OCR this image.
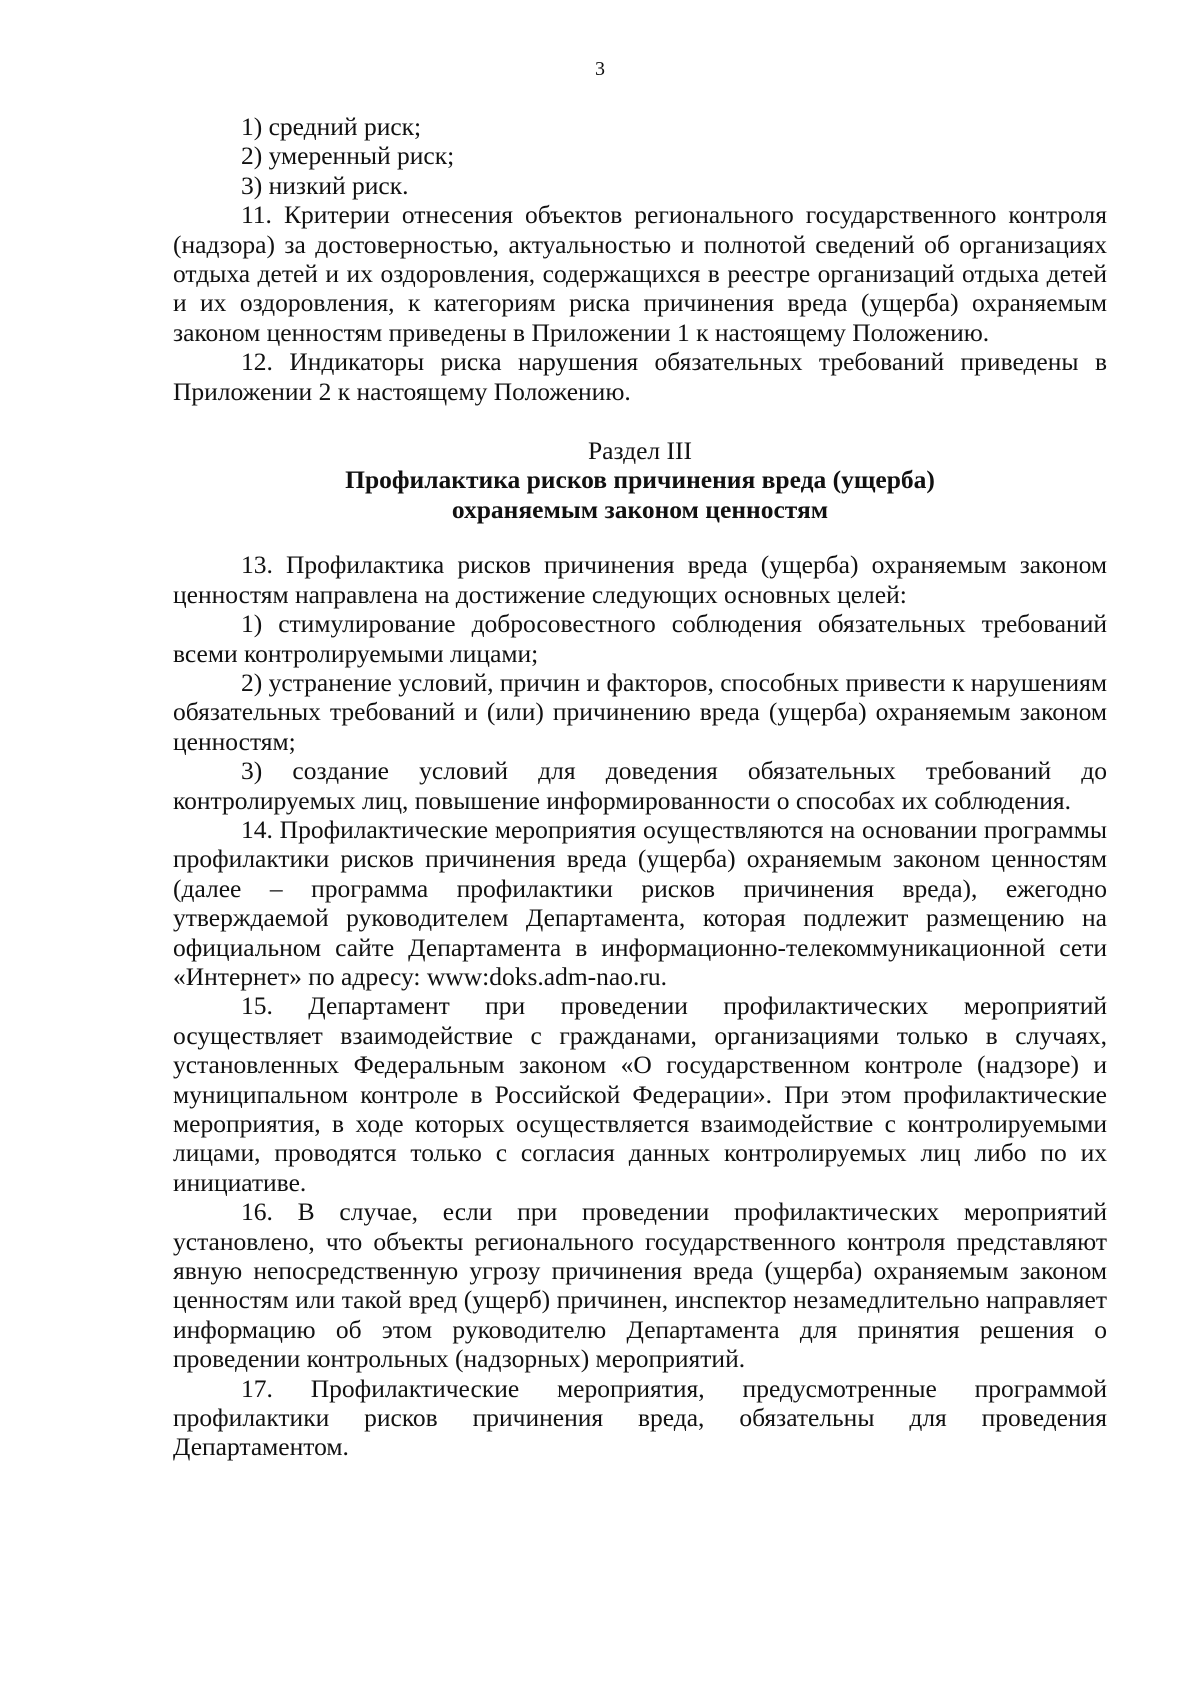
3

1) средний риск;

2) умеренный риск;

3) низкий риск.

11. Критерии отнесения объектов регионального государственного контроля (надзора) за достоверностью, актуальностью и полнотой сведений об организациях отдыха детей и их оздоровления, содержащихся в реестре организаций отдыха детей и их оздоровления, к категориям риска причинения вреда (ущерба) охраняемым законом ценностям приведены в Приложении 1 к настоящему Положению.

12. Индикаторы риска нарушения обязательных требований приведены в Приложении 2 к настоящему Положению.

Раздел III

Профилактика рисков причинения вреда (ущерба)

охраняемым законом ценностям

13. Профилактика рисков причинения вреда (ущерба) охраняемым законом ценностям направлена на достижение следующих основных целей:

1) стимулирование добросовестного соблюдения обязательных требований всеми контролируемыми лицами;

2) устранение условий, причин и факторов, способных привести к нарушениям обязательных требований и (или) причинению вреда (ущерба) охраняемым законом ценностям;

3) создание условий для доведения обязательных требований до контролируемых лиц, повышение информированности о способах их соблюдения.

14. Профилактические мероприятия осуществляются на основании программы профилактики рисков причинения вреда (ущерба) охраняемым законом ценностям (далее – программа профилактики рисков причинения вреда), ежегодно утверждаемой руководителем Департамента, которая подлежит размещению на официальном сайте Департамента в информационно-телекоммуникационной сети «Интернет» по адресу: www:doks.adm-nao.ru.

15. Департамент при проведении профилактических мероприятий осуществляет взаимодействие с гражданами, организациями только в случаях, установленных Федеральным законом «О государственном контроле (надзоре) и муниципальном контроле в Российской Федерации». При этом профилактические мероприятия, в ходе которых осуществляется взаимодействие с контролируемыми лицами, проводятся только с согласия данных контролируемых лиц либо по их инициативе.

16. В случае, если при проведении профилактических мероприятий установлено, что объекты регионального государственного контроля представляют явную непосредственную угрозу причинения вреда (ущерба) охраняемым законом ценностям или такой вред (ущерб) причинен, инспектор незамедлительно направляет информацию об этом руководителю Департамента для принятия решения о проведении контрольных (надзорных) мероприятий.

17. Профилактические мероприятия, предусмотренные программой профилактики рисков причинения вреда, обязательны для проведения Департаментом.
